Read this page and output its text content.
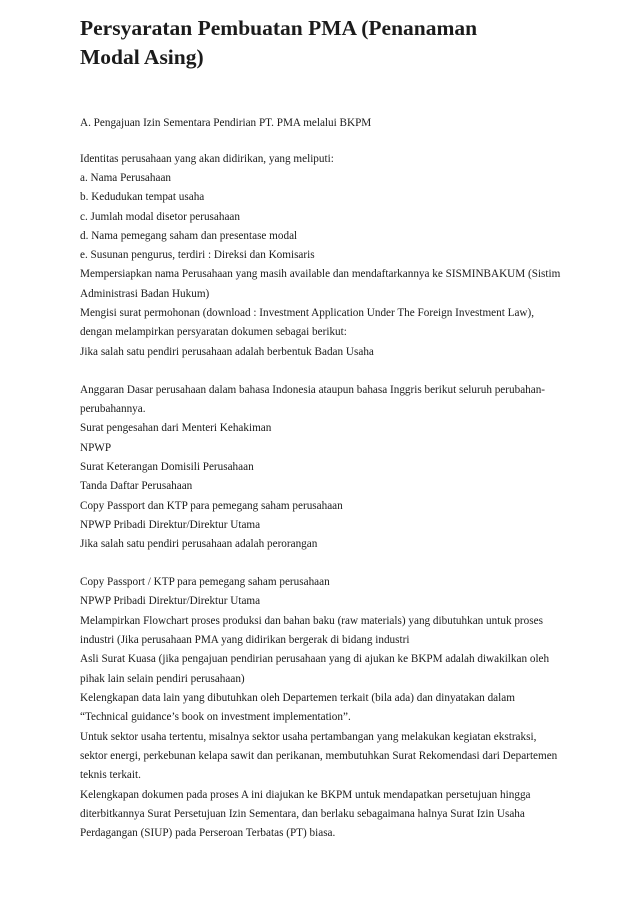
Persyaratan Pembuatan PMA (Penanaman
Modal Asing)
A. Pengajuan Izin Sementara Pendirian PT. PMA melalui BKPM
Identitas perusahaan yang akan didirikan, yang meliputi:
a. Nama Perusahaan
b. Kedudukan tempat usaha
c. Jumlah modal disetor perusahaan
d. Nama pemegang saham dan presentase modal
e. Susunan pengurus, terdiri : Direksi dan Komisaris
Mempersiapkan nama Perusahaan yang masih available dan mendaftarkannya ke SISMINBAKUM (Sistim
Administrasi Badan Hukum)
Mengisi surat permohonan (download : Investment Application Under The Foreign Investment Law),
dengan melampirkan persyaratan dokumen sebagai berikut:
Jika salah satu pendiri perusahaan adalah berbentuk Badan Usaha
Anggaran Dasar perusahaan dalam bahasa Indonesia ataupun bahasa Inggris berikut seluruh perubahan-
perubahannya.
Surat pengesahan dari Menteri Kehakiman
NPWP
Surat Keterangan Domisili Perusahaan
Tanda Daftar Perusahaan
Copy Passport dan KTP para pemegang saham perusahaan
NPWP Pribadi Direktur/Direktur Utama
Jika salah satu pendiri perusahaan adalah perorangan
Copy Passport / KTP para pemegang saham perusahaan
NPWP Pribadi Direktur/Direktur Utama
Melampirkan Flowchart proses produksi dan bahan baku (raw materials) yang dibutuhkan untuk proses
industri (Jika perusahaan PMA yang didirikan bergerak di bidang industri
Asli Surat Kuasa (jika pengajuan pendirian perusahaan yang di ajukan ke BKPM adalah diwakilkan oleh
pihak lain selain pendiri perusahaan)
Kelengkapan data lain yang dibutuhkan oleh Departemen terkait (bila ada) dan dinyatakan dalam
“Technical guidance’s book on investment implementation”.
Untuk sektor usaha tertentu, misalnya sektor usaha pertambangan yang melakukan kegiatan ekstraksi,
sektor energi, perkebunan kelapa sawit dan perikanan, membutuhkan Surat Rekomendasi dari Departemen
teknis terkait.
Kelengkapan dokumen pada proses A ini diajukan ke BKPM untuk mendapatkan persetujuan hingga
diterbitkannya Surat Persetujuan Izin Sementara, dan berlaku sebagaimana halnya Surat Izin Usaha
Perdagangan (SIUP) pada Perseroan Terbatas (PT) biasa.
